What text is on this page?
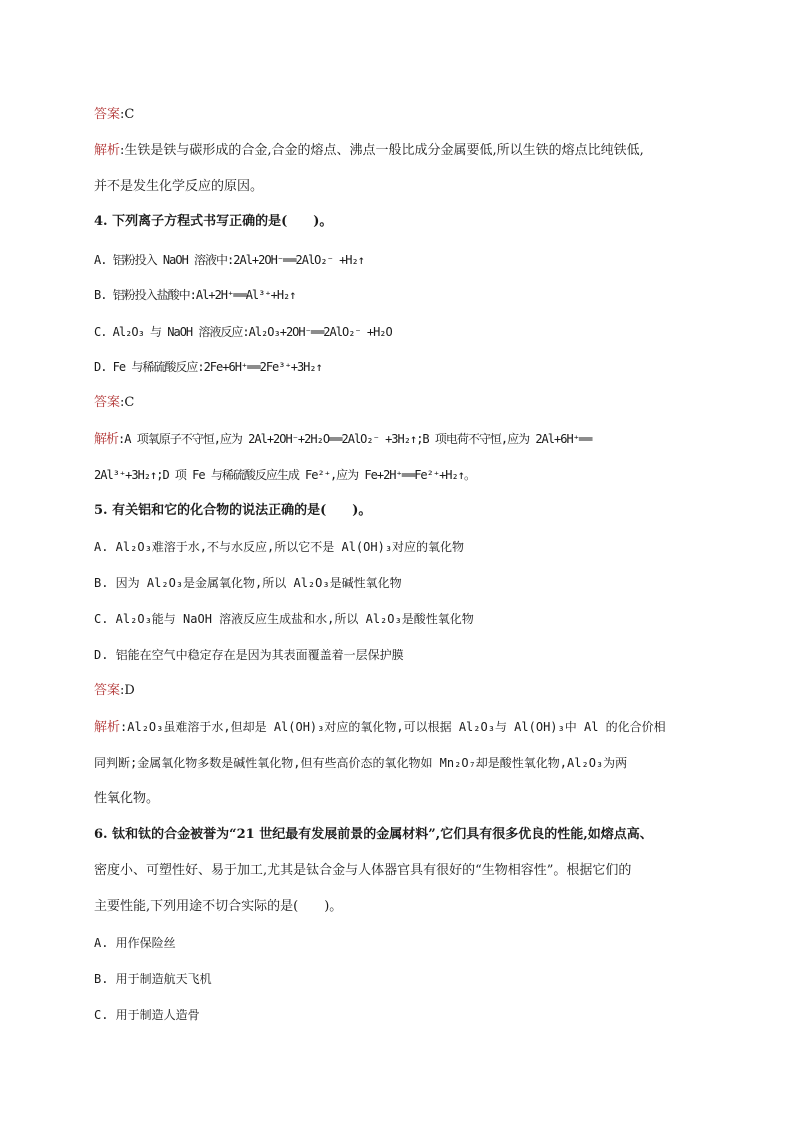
答案:C
解析:生铁是铁与碳形成的合金,合金的熔点、沸点一般比成分金属要低,所以生铁的熔点比纯铁低,
并不是发生化学反应的原因。
4. 下列离子方程式书写正确的是(　　)。
A. 铝粉投入 NaOH 溶液中:2Al+2OH⁻══2AlO₂⁻ +H₂↑
B. 铝粉投入盐酸中:Al+2H⁺══Al³⁺+H₂↑
C. Al₂O₃ 与 NaOH 溶液反应:Al₂O₃+2OH⁻══2AlO₂⁻ +H₂O
D. Fe 与稀硫酸反应:2Fe+6H⁺══2Fe³⁺+3H₂↑
答案:C
解析:A 项氧原子不守恒,应为 2Al+2OH⁻+2H₂O══2AlO₂⁻ +3H₂↑;B 项电荷不守恒,应为 2Al+6H⁺══
2Al³⁺+3H₂↑;D 项 Fe 与稀硫酸反应生成 Fe²⁺,应为 Fe+2H⁺══Fe²⁺+H₂↑。
5. 有关铝和它的化合物的说法正确的是(　　)。
A. Al₂O₃难溶于水,不与水反应,所以它不是 Al(OH)₃对应的氧化物
B. 因为 Al₂O₃是金属氧化物,所以 Al₂O₃是碱性氧化物
C. Al₂O₃能与 NaOH 溶液反应生成盐和水,所以 Al₂O₃是酸性氧化物
D. 铝能在空气中稳定存在是因为其表面覆盖着一层保护膜
答案:D
解析:Al₂O₃虽难溶于水,但却是 Al(OH)₃对应的氧化物,可以根据 Al₂O₃与 Al(OH)₃中 Al 的化合价相
同判断;金属氧化物多数是碱性氧化物,但有些高价态的氧化物如 Mn₂O₇却是酸性氧化物,Al₂O₃为两
性氧化物。
6. 钛和钛的合金被誉为“21 世纪最有发展前景的金属材料”,它们具有很多优良的性能,如熔点高、
密度小、可塑性好、易于加工,尤其是钛合金与人体器官具有很好的“生物相容性”。根据它们的
主要性能,下列用途不切合实际的是(　　)。
A. 用作保险丝
B. 用于制造航天飞机
C. 用于制造人造骨
